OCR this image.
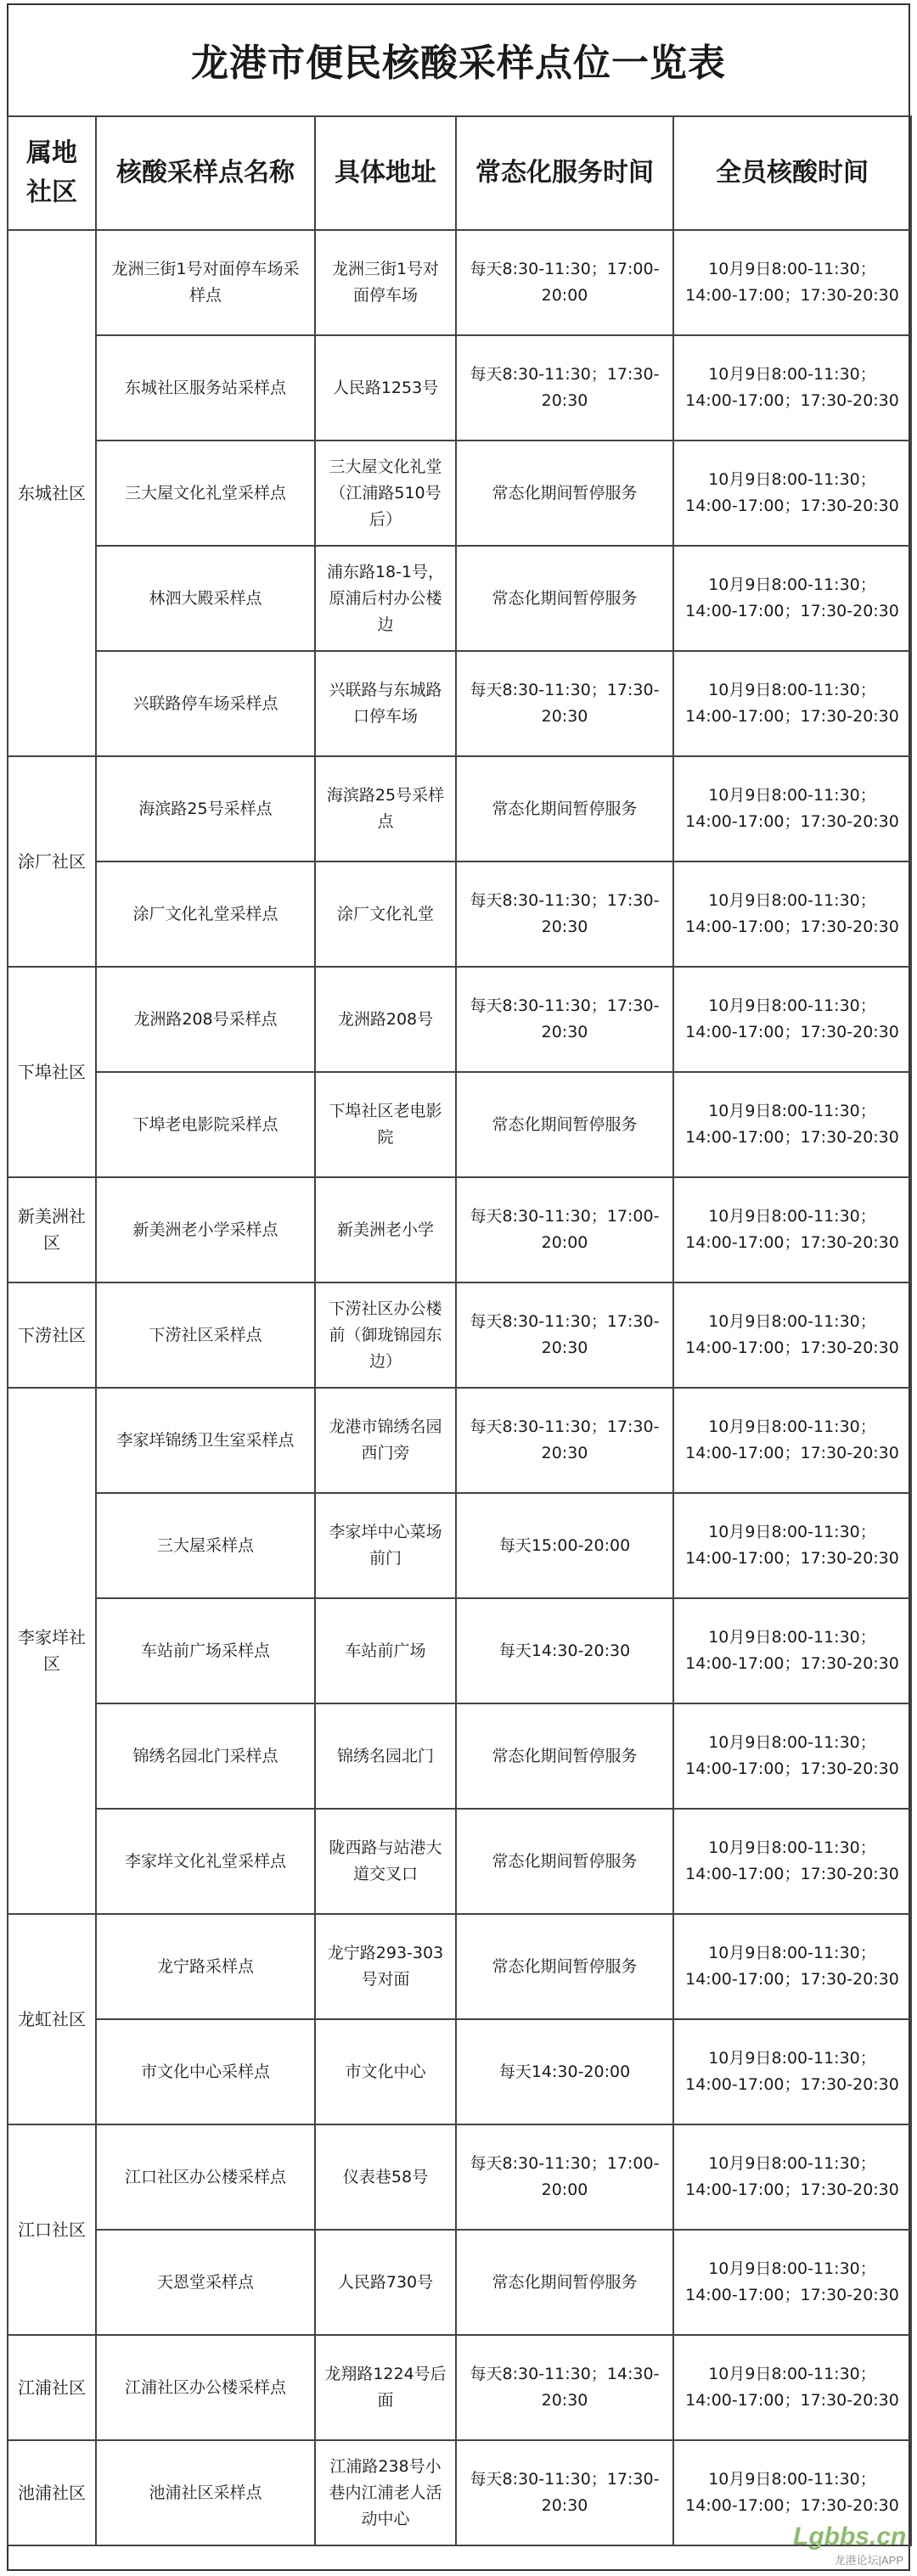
龙港市便民核酸采样点位一览表
属地社区	核酸采样点名称	具体地址	常态化服务时间	全员核酸时间
东城社区	龙洲三街1号对面停车场采样点	龙洲三街1号对面停车场	每天8:30-11:30；17:00-20:00	10月9日8:00-11:30；14:00-17:00；17:30-20:30
	东城社区服务站采样点	人民路1253号	每天8:30-11:30；17:30-20:30	10月9日8:00-11:30；14:00-17:00；17:30-20:30
	三大屋文化礼堂采样点	三大屋文化礼堂（江浦路510号后）	常态化期间暂停服务	10月9日8:00-11:30；14:00-17:00；17:30-20:30
	林泗大殿采样点	浦东路18-1号，原浦后村办公楼边	常态化期间暂停服务	10月9日8:00-11:30；14:00-17:00；17:30-20:30
	兴联路停车场采样点	兴联路与东城路口停车场	每天8:30-11:30；17:30-20:30	10月9日8:00-11:30；14:00-17:00；17:30-20:30
涂厂社区	海滨路25号采样点	海滨路25号采样点	常态化期间暂停服务	10月9日8:00-11:30；14:00-17:00；17:30-20:30
	涂厂文化礼堂采样点	涂厂文化礼堂	每天8:30-11:30；17:30-20:30	10月9日8:00-11:30；14:00-17:00；17:30-20:30
下埠社区	龙洲路208号采样点	龙洲路208号	每天8:30-11:30；17:30-20:30	10月9日8:00-11:30；14:00-17:00；17:30-20:30
	下埠老电影院采样点	下埠社区老电影院	常态化期间暂停服务	10月9日8:00-11:30；14:00-17:00；17:30-20:30
新美洲社区	新美洲老小学采样点	新美洲老小学	每天8:30-11:30；17:00-20:00	10月9日8:00-11:30；14:00-17:00；17:30-20:30
下涝社区	下涝社区采样点	下涝社区办公楼前（御珑锦园东边）	每天8:30-11:30；17:30-20:30	10月9日8:00-11:30；14:00-17:00；17:30-20:30
李家垟社区	李家垟锦绣卫生室采样点	龙港市锦绣名园西门旁	每天8:30-11:30；17:30-20:30	10月9日8:00-11:30；14:00-17:00；17:30-20:30
	三大屋采样点	李家垟中心菜场前门	每天15:00-20:00	10月9日8:00-11:30；14:00-17:00；17:30-20:30
	车站前广场采样点	车站前广场	每天14:30-20:30	10月9日8:00-11:30；14:00-17:00；17:30-20:30
	锦绣名园北门采样点	锦绣名园北门	常态化期间暂停服务	10月9日8:00-11:30；14:00-17:00；17:30-20:30
	李家垟文化礼堂采样点	陇西路与站港大道交叉口	常态化期间暂停服务	10月9日8:00-11:30；14:00-17:00；17:30-20:30
龙虹社区	龙宁路采样点	龙宁路293-303号对面	常态化期间暂停服务	10月9日8:00-11:30；14:00-17:00；17:30-20:30
	市文化中心采样点	市文化中心	每天14:30-20:00	10月9日8:00-11:30；14:00-17:00；17:30-20:30
江口社区	江口社区办公楼采样点	仪表巷58号	每天8:30-11:30；17:00-20:00	10月9日8:00-11:30；14:00-17:00；17:30-20:30
	天恩堂采样点	人民路730号	常态化期间暂停服务	10月9日8:00-11:30；14:00-17:00；17:30-20:30
江浦社区	江浦社区办公楼采样点	龙翔路1224号后面	每天8:30-11:30；14:30-20:30	10月9日8:00-11:30；14:00-17:00；17:30-20:30
池浦社区	池浦社区采样点	江浦路238号小巷内江浦老人活动中心	每天8:30-11:30；17:30-20:30	10月9日8:00-11:30；14:00-17:00；17:30-20:30
Lgbbs.cn
龙港论坛|APP
